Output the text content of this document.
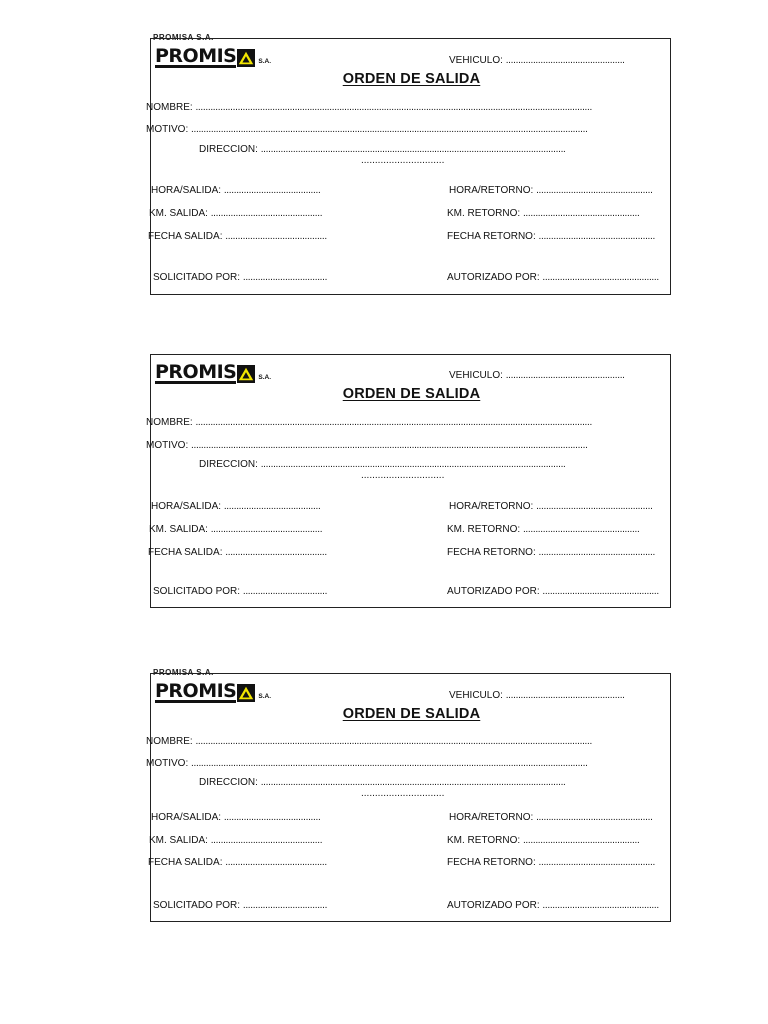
PROMISA S.A.
PROMIS	S.A.	VEHICULO: ................................................
ORDEN DE SALIDA
NOMBRE: ................................................................................................................................................................
MOTIVO: ................................................................................................................................................................
DIRECCION: ...........................................................................................................................
..............................
HORA/SALIDA: .......................................	HORA/RETORNO: ...............................................
KM. SALIDA: .............................................	KM. RETORNO: ...............................................
FECHA SALIDA: .........................................	FECHA RETORNO: ...............................................
SOLICITADO POR: ..................................	AUTORIZADO POR: ...............................................
PROMIS	S.A.	VEHICULO: ................................................
ORDEN DE SALIDA
NOMBRE: ................................................................................................................................................................
MOTIVO: ................................................................................................................................................................
DIRECCION: ...........................................................................................................................
..............................
HORA/SALIDA: .......................................	HORA/RETORNO: ...............................................
KM. SALIDA: .............................................	KM. RETORNO: ...............................................
FECHA SALIDA: .........................................	FECHA RETORNO: ...............................................
SOLICITADO POR: ..................................	AUTORIZADO POR: ...............................................
PROMISA S.A.
PROMIS	S.A.	VEHICULO: ................................................
ORDEN DE SALIDA
NOMBRE: ................................................................................................................................................................
MOTIVO: ................................................................................................................................................................
DIRECCION: ...........................................................................................................................
..............................
HORA/SALIDA: .......................................	HORA/RETORNO: ...............................................
KM. SALIDA: .............................................	KM. RETORNO: ...............................................
FECHA SALIDA: .........................................	FECHA RETORNO: ...............................................
SOLICITADO POR: ..................................	AUTORIZADO POR: ...............................................
